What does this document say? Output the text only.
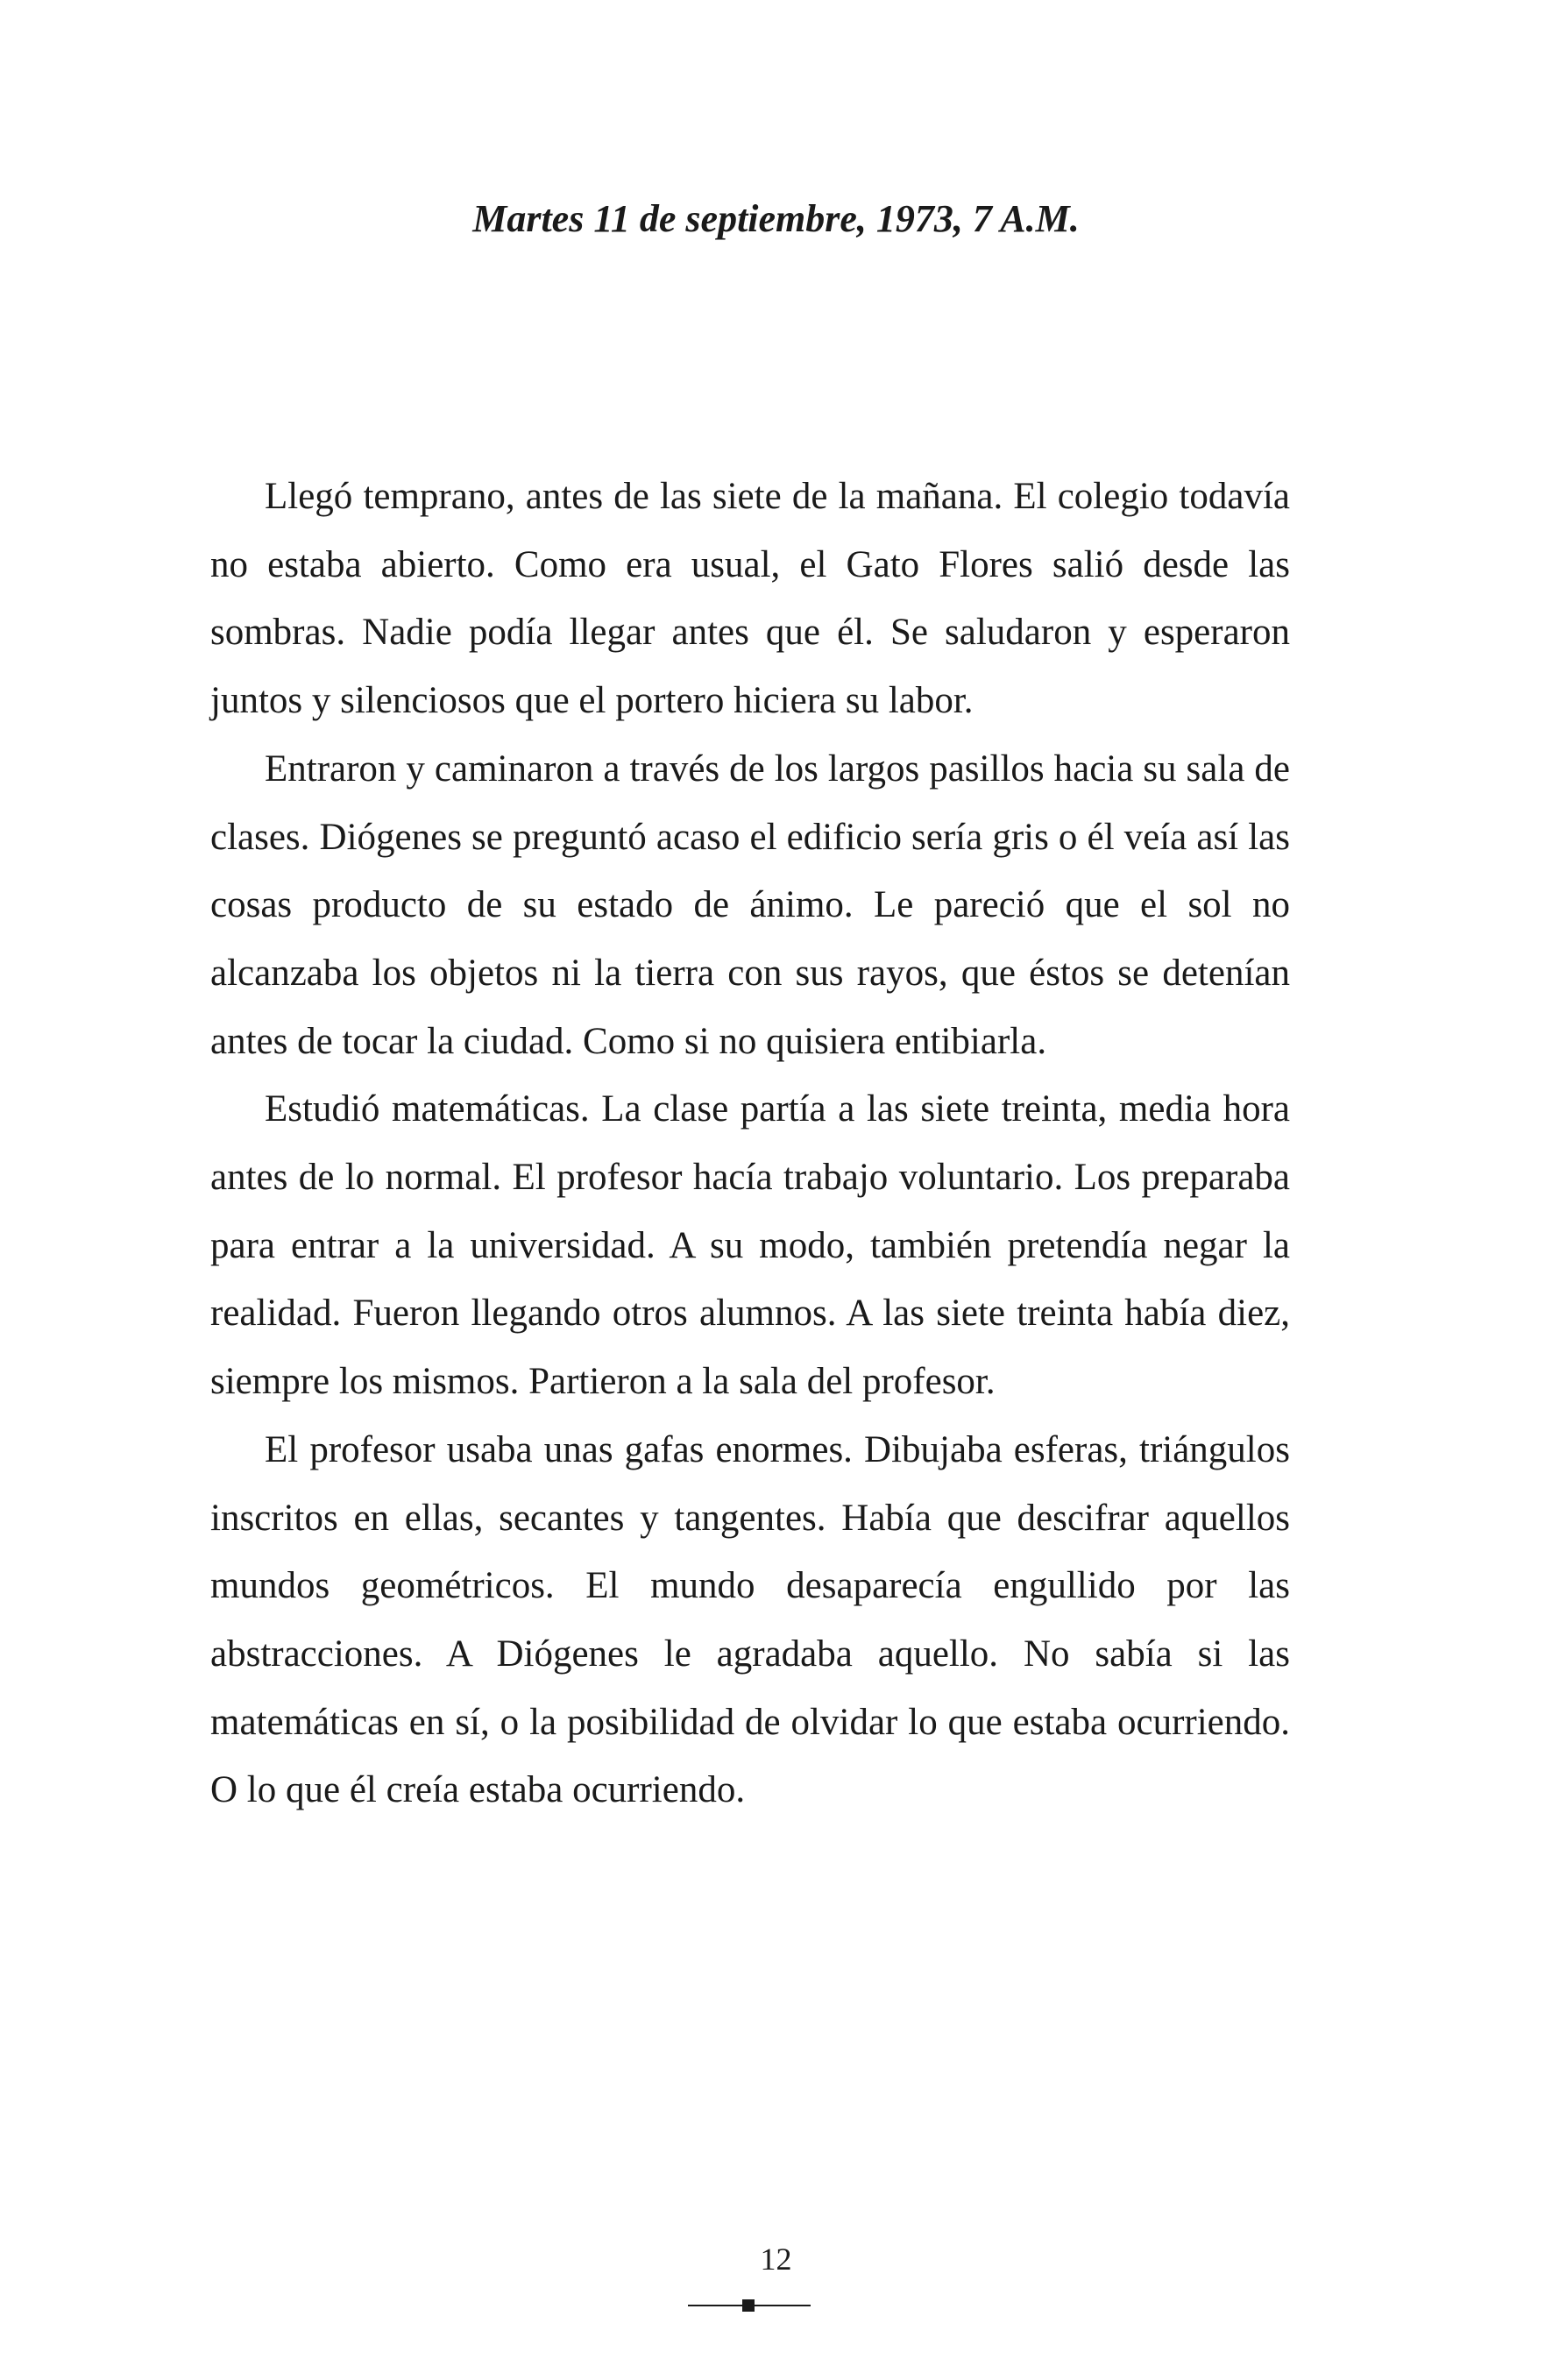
Martes 11 de septiembre, 1973, 7 A.M.

Llegó temprano, antes de las siete de la mañana. El colegio todavía no estaba abierto. Como era usual, el Gato Flores salió desde las sombras. Nadie podía llegar antes que él. Se saludaron y esperaron juntos y silenciosos que el portero hiciera su labor.

Entraron y caminaron a través de los largos pasillos hacia su sala de clases. Diógenes se preguntó acaso el edificio sería gris o él veía así las cosas producto de su estado de ánimo. Le pareció que el sol no alcanzaba los objetos ni la tierra con sus rayos, que éstos se detenían antes de tocar la ciudad. Como si no quisiera entibiarla.

Estudió matemáticas. La clase partía a las siete treinta, media hora antes de lo normal. El profesor hacía trabajo voluntario. Los preparaba para entrar a la universidad. A su modo, también pretendía negar la realidad. Fueron llegando otros alumnos. A las siete treinta había diez, siempre los mismos. Partieron a la sala del profesor.

El profesor usaba unas gafas enormes. Dibujaba esferas, triángulos inscritos en ellas, secantes y tangentes. Había que descifrar aquellos mundos geométricos. El mundo desaparecía engullido por las abstracciones. A Diógenes le agradaba aquello. No sabía si las matemáticas en sí, o la posibilidad de olvidar lo que estaba ocurriendo. O lo que él creía estaba ocurriendo.

12
